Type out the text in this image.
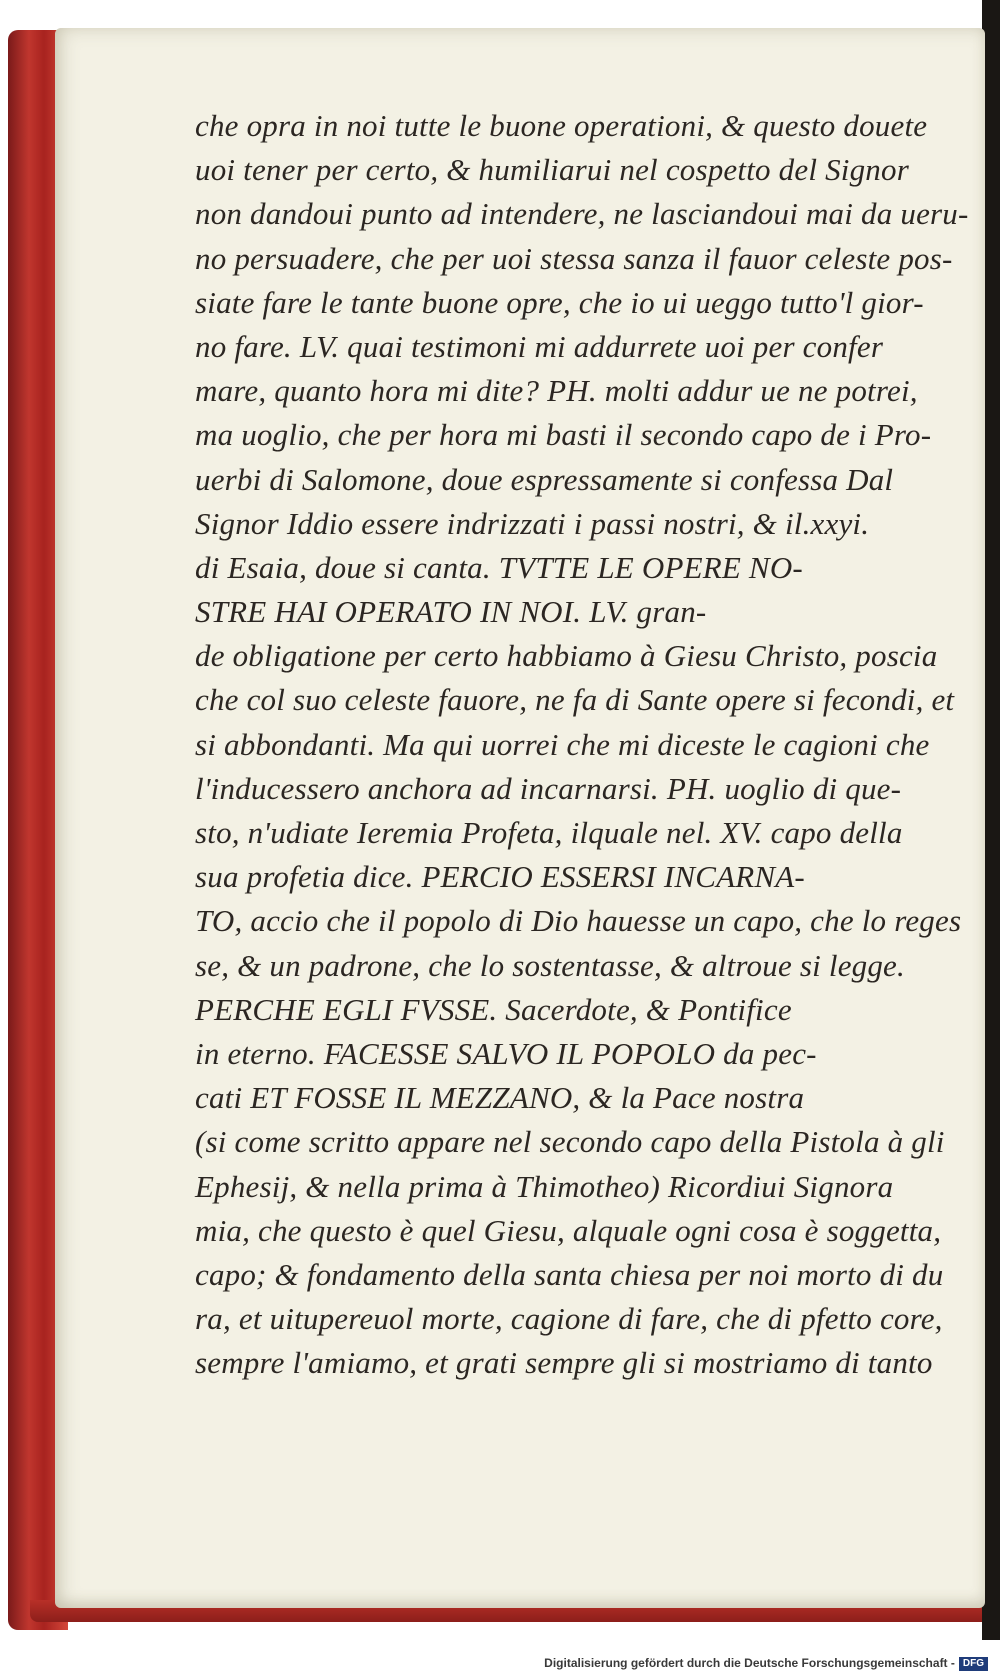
che opra in noi tutte le buone operationi, & questo douete
uoi tener per certo, & humiliarui nel cospetto del Signor
non dandoui punto ad intendere, ne lasciandoui mai da ueru-
no persuadere, che per uoi stessa sanza il fauor celeste pos-
siate fare le tante buone opre, che io ui ueggo tutto'l gior-
no fare. LV. quai testimoni mi addurrete uoi per confer
mare, quanto hora mi dite? PH. molti addur ue ne potrei,
ma uoglio, che per hora mi basti il secondo capo de i Pro-
uerbi di Salomone, doue espressamente si confessa Dal
Signor Iddio essere indrizzati i passi nostri, & il.xxyi.
di Esaia, doue si canta. TVTTE LE OPERE NO-
STRE HAI OPERATO IN NOI. LV. gran-
de obligatione per certo habbiamo à Giesu Christo, poscia
che col suo celeste fauore, ne fa di Sante opere si fecondi, et
si abbondanti. Ma qui uorrei che mi diceste le cagioni che
l'inducessero anchora ad incarnarsi. PH. uoglio di que-
sto, n'udiate Ieremia Profeta, ilquale nel. XV. capo della
sua profetia dice. PERCIO ESSERSI INCARNA-
TO, accio che il popolo di Dio hauesse un capo, che lo reges
se, & un padrone, che lo sostentasse, & altroue si legge.
PERCHE EGLI FVSSE. Sacerdote, & Pontifice
in eterno. FACESSE SALVO IL POPOLO da pec-
cati ET FOSSE IL MEZZANO, & la Pace nostra
(si come scritto appare nel secondo capo della Pistola à gli
Ephesij, & nella prima à Thimotheo) Ricordiui Signora
mia, che questo è quel Giesu, alquale ogni cosa è soggetta,
capo; & fondamento della santa chiesa per noi morto di du
ra, et uitupereuol morte, cagione di fare, che di pfetto core,
sempre l'amiamo, et grati sempre gli si mostriamo di tanto
Digitalisierung gefördert durch die Deutsche Forschungsgemeinschaft - DFG
